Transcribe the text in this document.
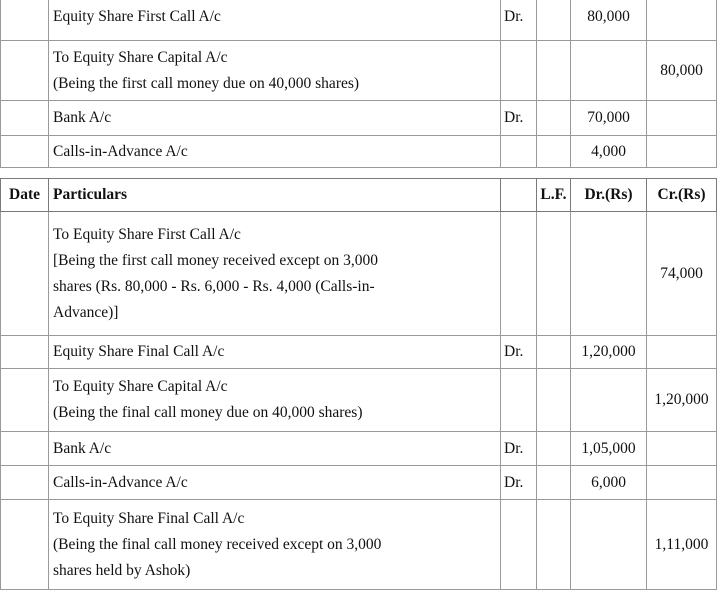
	Equity Share First Call A/c	Dr.		80,000	

	To Equity Share Capital A/c
(Being the first call money due on 40,000 shares)				80,000

	Bank A/c	Dr.		70,000	

	Calls-in-Advance A/c			4,000	
Date	Particulars		L.F.	Dr.(Rs)	Cr.(Rs)

	To Equity Share First Call A/c
[Being the first call money received except on 3,000
shares (Rs. 80,000 - Rs. 6,000 - Rs. 4,000 (Calls-in-
Advance)]				74,000

	Equity Share Final Call A/c	Dr.		1,20,000	

	To Equity Share Capital A/c
(Being the final call money due on 40,000 shares)				1,20,000

	Bank A/c	Dr.		1,05,000	

	Calls-in-Advance A/c	Dr.		6,000	

	To Equity Share Final Call A/c
(Being the final call money received except on 3,000
shares held by Ashok)				1,11,000
